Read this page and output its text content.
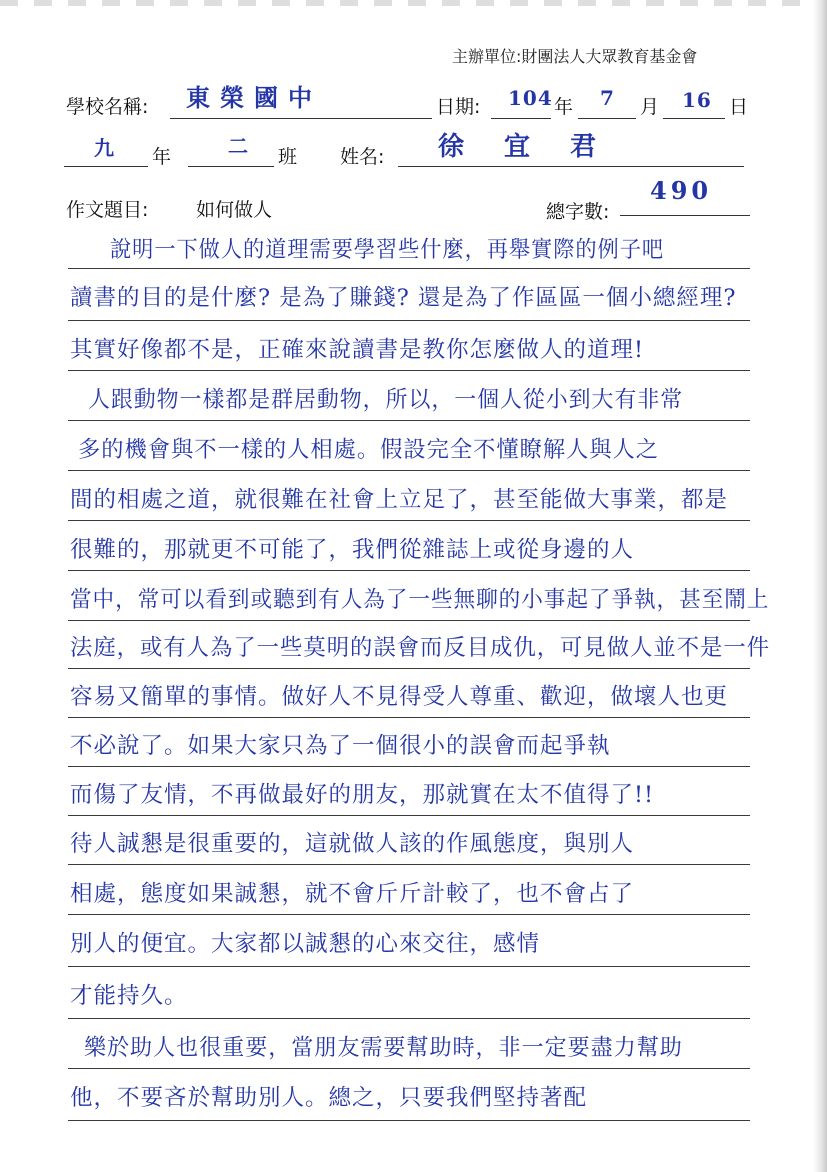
主辦單位:財團法人大眾教育基金會
學校名稱: 東榮國中	日期: 104 年 7 月 16 日
九 年	二 班 姓名: 徐宜君
作文題目:	如何做人	總字數:
490
說明一下做人的道理需要學習些什麼，再舉實際的例子吧
讀書的目的是什麼? 是為了賺錢? 還是為了作區區一個小總經理?
其實好像都不是，正確來說讀書是教你怎麼做人的道理!
人跟動物一樣都是群居動物，所以，一個人從小到大有非常
多的機會與不一樣的人相處。假設完全不懂瞭解人與人之
間的相處之道，就很難在社會上立足了，甚至能做大事業，都是
很難的，那就更不可能了，我們從雜誌上或從身邊的人
當中，常可以看到或聽到有人為了一些無聊的小事起了爭執，甚至鬧上
法庭，或有人為了一些莫明的誤會而反目成仇，可見做人並不是一件
容易又簡單的事情。做好人不見得受人尊重、歡迎，做壞人也更
不必說了。如果大家只為了一個很小的誤會而起爭執
而傷了友情，不再做最好的朋友，那就實在太不值得了!!
待人誠懇是很重要的，這就做人該的作風態度，與別人
相處，態度如果誠懇，就不會斤斤計較了，也不會占了
別人的便宜。大家都以誠懇的心來交往，感情
才能持久。
樂於助人也很重要，當朋友需要幫助時，非一定要盡力幫助
他，不要吝於幫助別人。總之，只要我們堅持著配
